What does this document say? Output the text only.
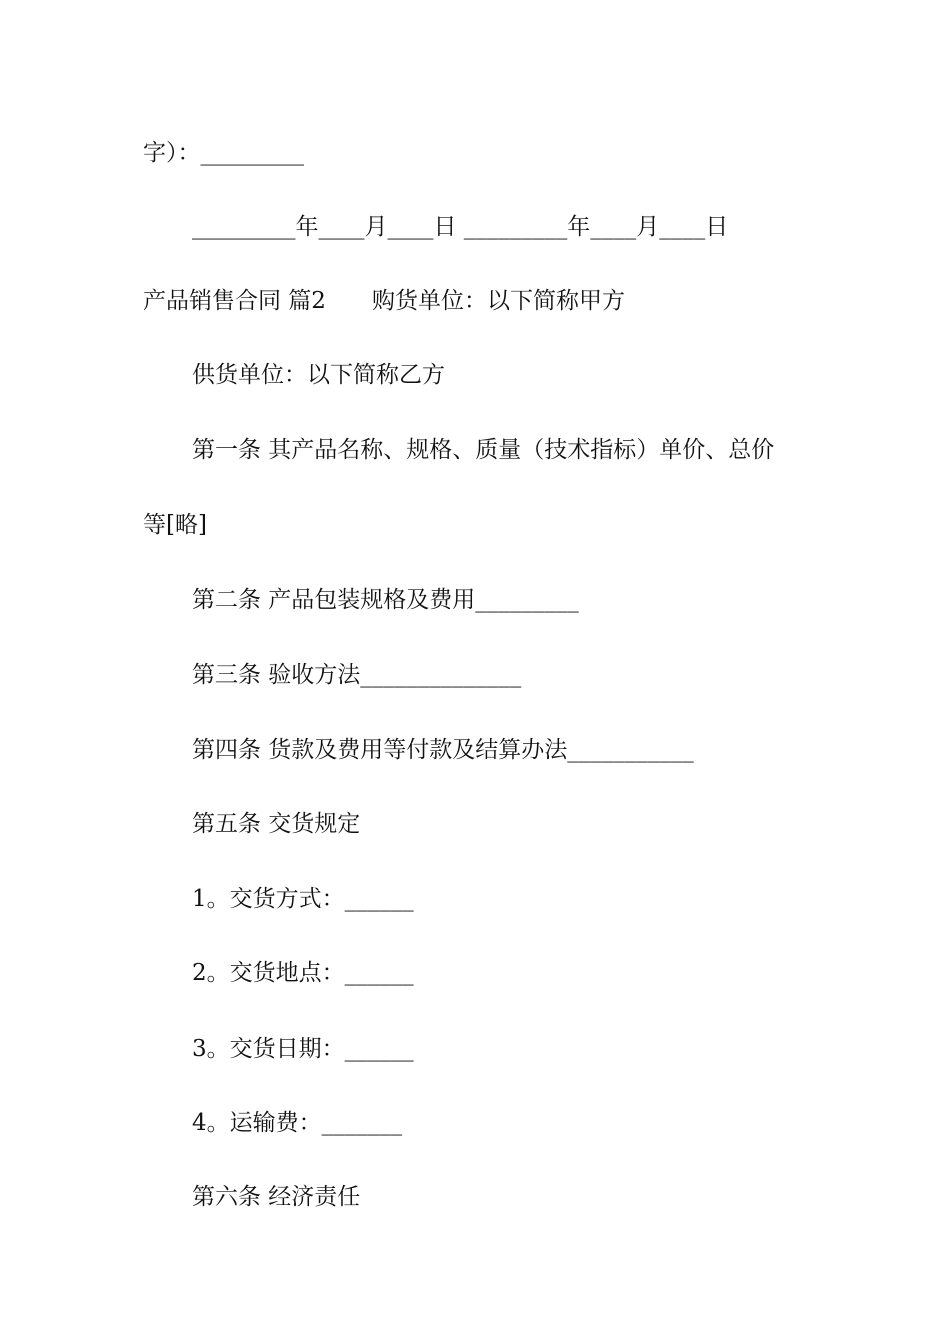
字）：_________
_________年____月____日 _________年____月____日
产品销售合同 篇2　　购货单位：以下简称甲方
供货单位：以下简称乙方
第一条 其产品名称、规格、质量（技术指标）单价、总价
等[略]
第二条 产品包装规格及费用_________
第三条 验收方法______________
第四条 货款及费用等付款及结算办法___________
第五条 交货规定
1。交货方式：______
2。交货地点：______
3。交货日期：______
4。运输费：_______
第六条 经济责任
